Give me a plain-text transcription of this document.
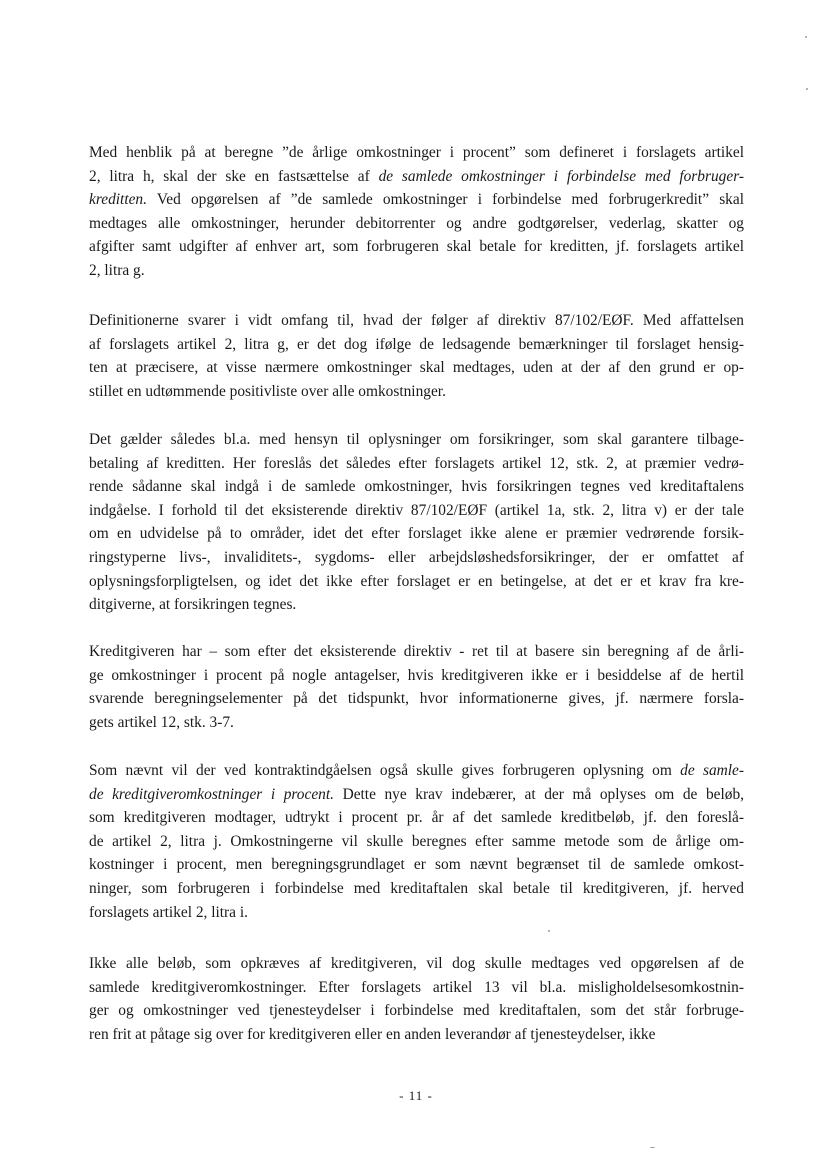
Med henblik på at beregne ”de årlige omkostninger i procent” som defineret i forslagets artikel
2, litra h, skal der ske en fastsættelse af de samlede omkostninger i forbindelse med forbruger-
kreditten. Ved opgørelsen af ”de samlede omkostninger i forbindelse med forbrugerkredit” skal
medtages alle omkostninger, herunder debitorrenter og andre godtgørelser, vederlag, skatter og
afgifter samt udgifter af enhver art, som forbrugeren skal betale for kreditten, jf. forslagets artikel
2, litra g.
Definitionerne svarer i vidt omfang til, hvad der følger af direktiv 87/102/EØF. Med affattelsen
af forslagets artikel 2, litra g, er det dog ifølge de ledsagende bemærkninger til forslaget hensig-
ten at præcisere, at visse nærmere omkostninger skal medtages, uden at der af den grund er op-
stillet en udtømmende positivliste over alle omkostninger.
Det gælder således bl.a. med hensyn til oplysninger om forsikringer, som skal garantere tilbage-
betaling af kreditten. Her foreslås det således efter forslagets artikel 12, stk. 2, at præmier vedrø-
rende sådanne skal indgå i de samlede omkostninger, hvis forsikringen tegnes ved kreditaftalens
indgåelse. I forhold til det eksisterende direktiv 87/102/EØF (artikel 1a, stk. 2, litra v) er der tale
om en udvidelse på to områder, idet det efter forslaget ikke alene er præmier vedrørende forsik-
ringstyperne livs-, invaliditets-, sygdoms- eller arbejdsløshedsforsikringer, der er omfattet af
oplysningsforpligtelsen, og idet det ikke efter forslaget er en betingelse, at det er et krav fra kre-
ditgiverne, at forsikringen tegnes.
Kreditgiveren har – som efter det eksisterende direktiv - ret til at basere sin beregning af de årli-
ge omkostninger i procent på nogle antagelser, hvis kreditgiveren ikke er i besiddelse af de hertil
svarende beregningselementer på det tidspunkt, hvor informationerne gives, jf. nærmere forsla-
gets artikel 12, stk. 3-7.
Som nævnt vil der ved kontraktindgåelsen også skulle gives forbrugeren oplysning om de samle-
de kreditgiveromkostninger i procent. Dette nye krav indebærer, at der må oplyses om de beløb,
som kreditgiveren modtager, udtrykt i procent pr. år af det samlede kreditbeløb, jf. den foreslå-
de artikel 2, litra j. Omkostningerne vil skulle beregnes efter samme metode som de årlige om-
kostninger i procent, men beregningsgrundlaget er som nævnt begrænset til de samlede omkost-
ninger, som forbrugeren i forbindelse med kreditaftalen skal betale til kreditgiveren, jf. herved
forslagets artikel 2, litra i.
Ikke alle beløb, som opkræves af kreditgiveren, vil dog skulle medtages ved opgørelsen af de
samlede kreditgiveromkostninger. Efter forslagets artikel 13 vil bl.a. misligholdelsesomkostnin-
ger og omkostninger ved tjenesteydelser i forbindelse med kreditaftalen, som det står forbruge-
ren frit at påtage sig over for kreditgiveren eller en anden leverandør af tjenesteydelser, ikke
- 11 -
